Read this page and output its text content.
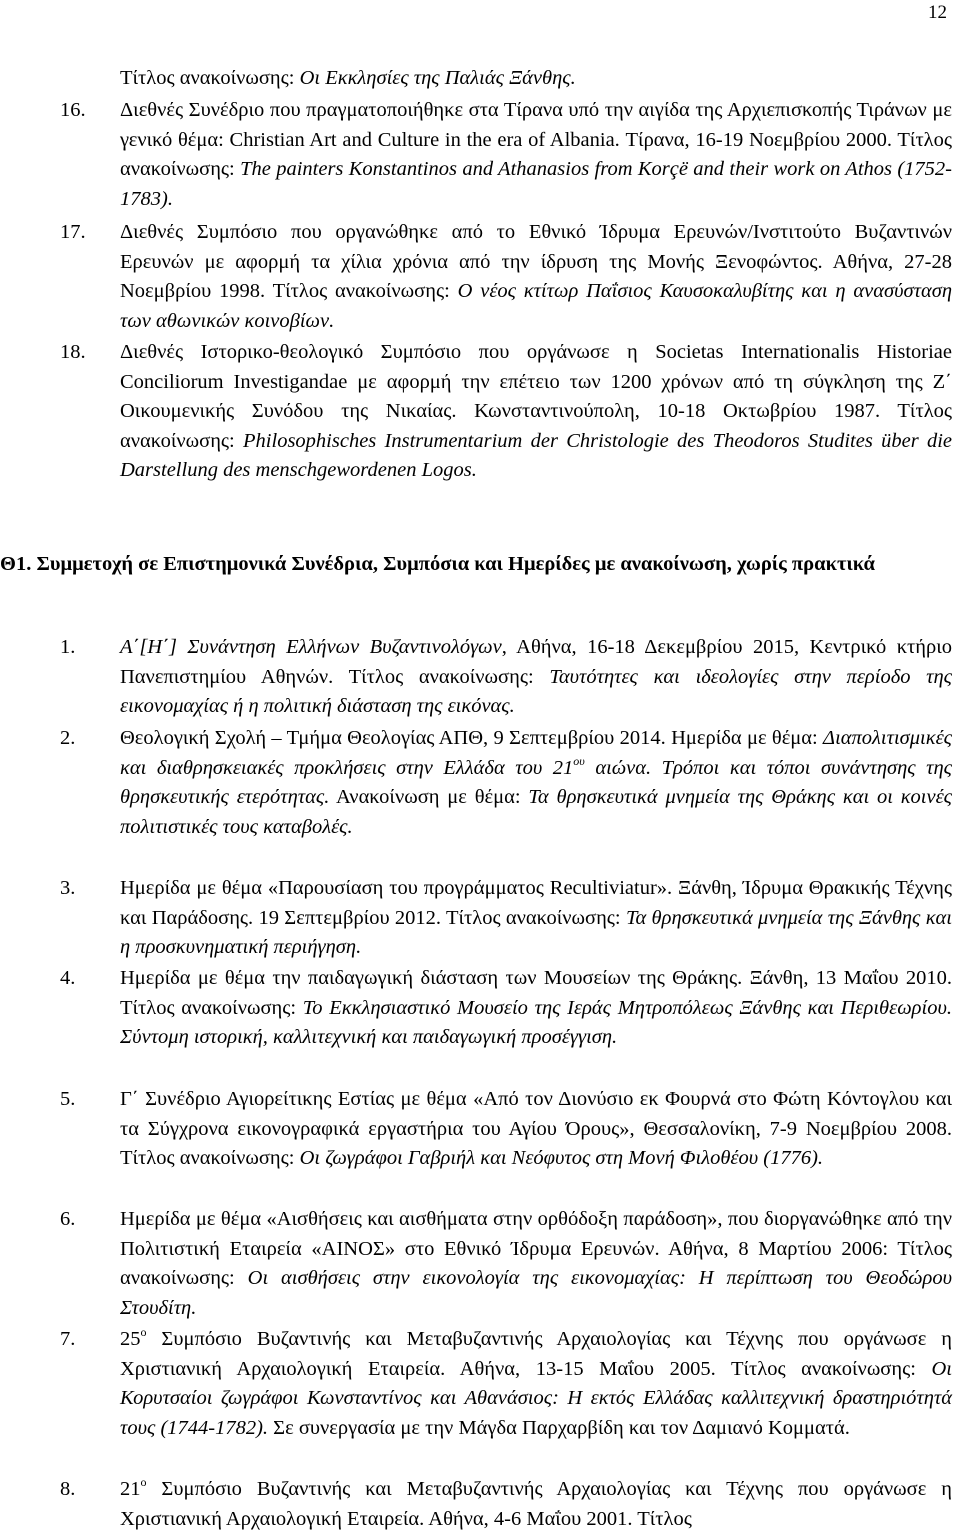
12
Τίτλος ανακοίνωσης: Οι Εκκλησίες της Παλιάς Ξάνθης.
16.	Διεθνές Συνέδριο που πραγματοποιήθηκε στα Τίρανα υπό την αιγίδα της Αρχιεπισκοπής Τιράνων με γενικό θέμα: Christian Art and Culture in the era of Albania. Τίρανα, 16-19 Νοεμβρίου 2000. Τίτλος ανακοίνωσης: The painters Konstantinos and Athanasios from Korçë and their work on Athos (1752-1783).
17.	Διεθνές Συμπόσιο που οργανώθηκε από το Εθνικό Ίδρυμα Ερευνών/Ινστιτούτο Βυζαντινών Ερευνών με αφορμή τα χίλια χρόνια από την ίδρυση της Μονής Ξενοφώντος. Αθήνα, 27-28 Νοεμβρίου 1998. Τίτλος ανακοίνωσης: Ο νέος κτίτωρ Παΐσιος Καυσοκαλυβίτης και η ανασύσταση των αθωνικών κοινοβίων.
18.	Διεθνές Ιστορικο-θεολογικό Συμπόσιο που οργάνωσε η Societas Internationalis Historiae Conciliorum Investigandae με αφορμή την επέτειο των 1200 χρόνων από τη σύγκληση της Ζ΄ Οικουμενικής Συνόδου της Νικαίας. Κωνσταντινούπολη, 10-18 Οκτωβρίου 1987. Τίτλος ανακοίνωσης: Philosophisches Instrumentarium der Christologie des Theodoros Studites über die Darstellung des menschgewordenen Logos.
Θ1. Συμμετοχή σε Επιστημονικά Συνέδρια, Συμπόσια και Ημερίδες με ανακοίνωση, χωρίς πρακτικά
1.	Α΄[Η΄] Συνάντηση Ελλήνων Βυζαντινολόγων, Αθήνα, 16-18 Δεκεμβρίου 2015, Κεντρικό κτήριο Πανεπιστημίου Αθηνών. Τίτλος ανακοίνωσης: Ταυτότητες και ιδεολογίες στην περίοδο της εικονομαχίας ή η πολιτική διάσταση της εικόνας.
2.	Θεολογική Σχολή – Τμήμα Θεολογίας ΑΠΘ, 9 Σεπτεμβρίου 2014. Ημερίδα με θέμα: Διαπολιτισμικές και διαθρησκειακές προκλήσεις στην Ελλάδα του $21^{o\upsilon}$ αιώνα. Τρόποι και τόποι συνάντησης της θρησκευτικής ετερότητας. Ανακοίνωση με θέμα: Τα θρησκευτικά μνημεία της Θράκης και οι κοινές πολιτιστικές τους καταβολές.
3.	Ημερίδα με θέμα «Παρουσίαση του προγράμματος Recultiviatur». Ξάνθη, Ίδρυμα Θρακικής Τέχνης και Παράδοσης. 19 Σεπτεμβρίου 2012. Τίτλος ανακοίνωσης: Τα θρησκευτικά μνημεία της Ξάνθης και η προσκυνηματική περιήγηση.
4.	Ημερίδα με θέμα την παιδαγωγική διάσταση των Μουσείων της Θράκης. Ξάνθη, 13 Μαΐου 2010. Τίτλος ανακοίνωσης: Το Εκκλησιαστικό Μουσείο της Ιεράς Μητροπόλεως Ξάνθης και Περιθεωρίου. Σύντομη ιστορική, καλλιτεχνική και παιδαγωγική προσέγγιση.
5.	Γ΄ Συνέδριο Αγιορείτικης Εστίας με θέμα «Από τον Διονύσιο εκ Φουρνά στο Φώτη Κόντογλου και τα Σύγχρονα εικονογραφικά εργαστήρια του Αγίου Όρους», Θεσσαλονίκη, 7-9 Νοεμβρίου 2008. Τίτλος ανακοίνωσης: Οι ζωγράφοι Γαβριήλ και Νεόφυτος στη Μονή Φιλοθέου (1776).
6.	Ημερίδα με θέμα «Αισθήσεις και αισθήματα στην ορθόδοξη παράδοση», που διοργανώθηκε από την Πολιτιστική Εταιρεία «ΑΙΝΟΣ» στο Εθνικό Ίδρυμα Ερευνών. Αθήνα, 8 Μαρτίου 2006: Τίτλος ανακοίνωσης: Οι αισθήσεις στην εικονολογία της εικονομαχίας: Η περίπτωση του Θεοδώρου Στουδίτη.
7.	$25^o$ Συμπόσιο Βυζαντινής και Μεταβυζαντινής Αρχαιολογίας και Τέχνης που οργάνωσε η Χριστιανική Αρχαιολογική Εταιρεία. Αθήνα, 13-15 Μαΐου 2005. Τίτλος ανακοίνωσης: Οι Κορυτσαίοι ζωγράφοι Κωνσταντίνος και Αθανάσιος: Η εκτός Ελλάδας καλλιτεχνική δραστηριότητά τους (1744-1782). Σε συνεργασία με την Μάγδα Παρχαρβίδη και τον Δαμιανό Κομματά.
8.	$21^o$ Συμπόσιο Βυζαντινής και Μεταβυζαντινής Αρχαιολογίας και Τέχνης που οργάνωσε η Χριστιανική Αρχαιολογική Εταιρεία. Αθήνα, 4-6 Μαΐου 2001. Τίτλος
